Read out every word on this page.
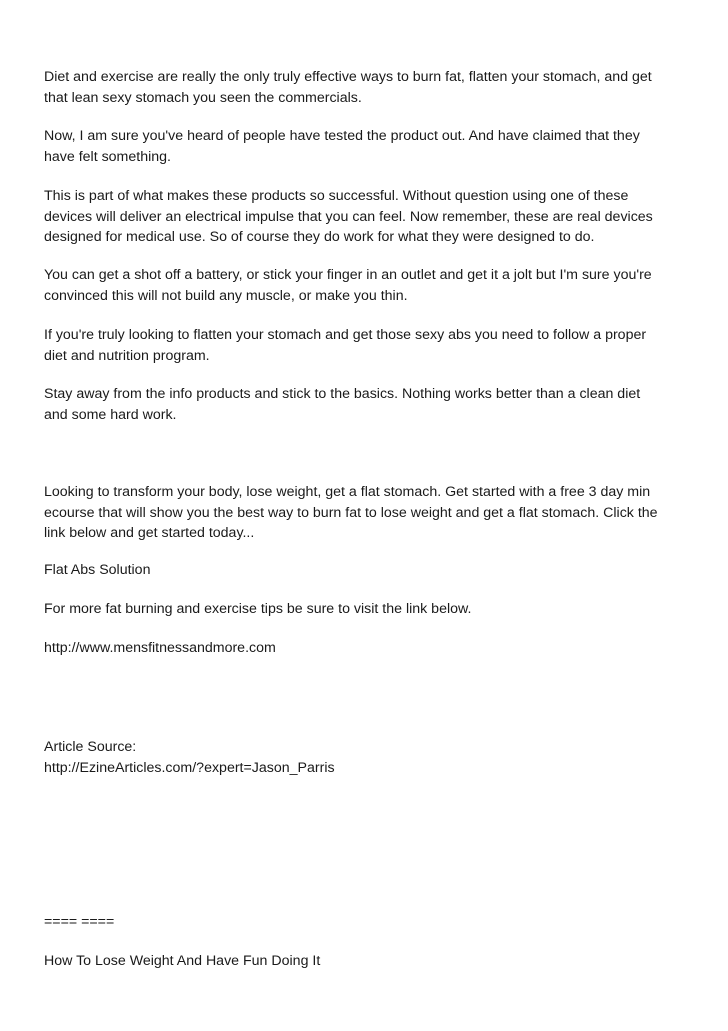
Diet and exercise are really the only truly effective ways to burn fat, flatten your stomach, and get
that lean sexy stomach you seen the commercials.

Now, I am sure you've heard of people have tested the product out. And have claimed that they
have felt something.

This is part of what makes these products so successful. Without question using one of these
devices will deliver an electrical impulse that you can feel. Now remember, these are real devices
designed for medical use. So of course they do work for what they were designed to do.

You can get a shot off a battery, or stick your finger in an outlet and get it a jolt but I'm sure you're
convinced this will not build any muscle, or make you thin.

If you're truly looking to flatten your stomach and get those sexy abs you need to follow a proper
diet and nutrition program.

Stay away from the info products and stick to the basics. Nothing works better than a clean diet
and some hard work.

Looking to transform your body, lose weight, get a flat stomach. Get started with a free 3 day min
ecourse that will show you the best way to burn fat to lose weight and get a flat stomach. Click the
link below and get started today...

Flat Abs Solution

For more fat burning and exercise tips be sure to visit the link below.

http://www.mensfitnessandmore.com

Article Source:
http://EzineArticles.com/?expert=Jason_Parris

==== ====

How To Lose Weight And Have Fun Doing It
